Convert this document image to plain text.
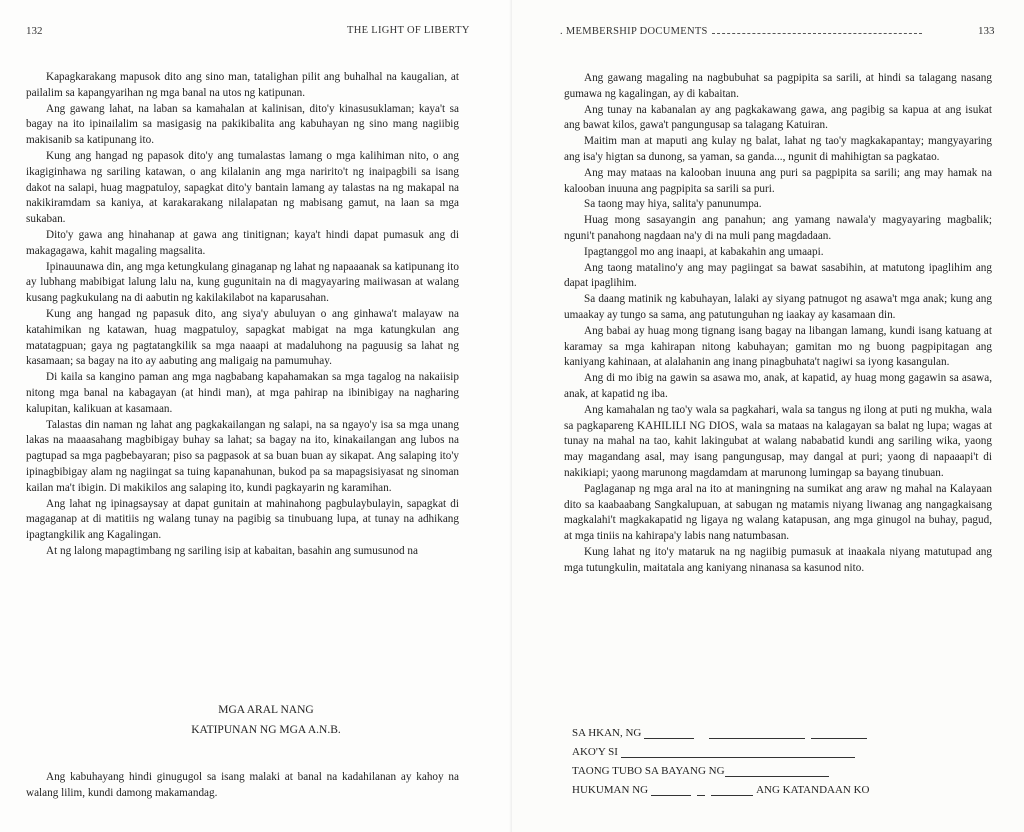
132	THE LIGHT OF LIBERTY

Kapagkarakang mapusok dito ang sino man, tatalighan pilit ang buhalhal na kaugalian, at pailalim sa kapangyarihan ng mga banal na utos ng katipunan.

Ang gawang lahat, na laban sa kamahalan at kalinisan, dito'y kinasusuklaman; kaya't sa bagay na ito ipinailalim sa masigasig na pakikibalita ang kabuhayan ng sino mang nagiibig makisanib sa katipunang ito.

Kung ang hangad ng papasok dito'y ang tumalastas lamang o mga kalihiman nito, o ang ikagiginhawa ng sariling katawan, o ang kilalanin ang mga naririto't ng inaipagbili sa isang dakot na salapi, huag magpatuloy, sapagkat dito'y bantain lamang ay talastas na ng makapal na nakikiramdam sa kaniya, at karakarakang nilalapatan ng mabisang gamut, na laan sa mga sukaban.

Dito'y gawa ang hinahanap at gawa ang tinitignan; kaya't hindi dapat pumasuk ang di makagagawa, kahit magaling magsalita.

Ipinauunawa din, ang mga ketungkulang ginaganap ng lahat ng napaaanak sa katipunang ito ay lubhang mabibigat lalung lalu na, kung gugunitain na di magyayaring maiiwasan at walang kusang pagkukulang na di aabutin ng kakilakilabot na kaparusahan.

Kung ang hangad ng papasuk dito, ang siya'y abuluyan o ang ginhawa't malayaw na katahimikan ng katawan, huag magpatuloy, sapagkat mabigat na mga katungkulan ang matatagpuan; gaya ng pagtatangkilik sa mga naaapi at madaluhong na paguusig sa lahat ng kasamaan; sa bagay na ito ay aabuting ang maligaig na pamumuhay.

Di kaila sa kangino paman ang mga nagbabang kapahamakan sa mga tagalog na nakaiisip nitong mga banal na kabagayan (at hindi man), at mga pahirap na ibinibigay na nagharing kalupitan, kalikuan at kasamaan.

Talastas din naman ng lahat ang pagkakailangan ng salapi, na sa ngayo'y isa sa mga unang lakas na maaasahang magbibigay buhay sa lahat; sa bagay na ito, kinakailangan ang lubos na pagtupad sa mga pagbebayaran; piso sa pagpasok at sa buan buan ay sikapat. Ang salaping ito'y ipinagbibigay alam ng nagiingat sa tuing kapanahunan, bukod pa sa mapagsisiyasat ng sinoman kailan ma't ibigin. Di makikilos ang salaping ito, kundi pagkayarin ng karamihan.

Ang lahat ng ipinagsaysay at dapat gunitain at mahinahong pagbulaybulayin, sapagkat di magaganap at di matitiis ng walang tunay na pagibig sa tinubuang lupa, at tunay na adhikang ipagtangkilik ang Kagalingan.

At ng lalong mapagtimbang ng sariling isip at kabaitan, basahin ang sumusunod na

MGA ARAL NANG
KATIPUNAN NG MGA A.N.B.

Ang kabuhayang hindi ginugugol sa isang malaki at banal na kadahilanan ay kahoy na walang lilim, kundi damong makamandag.

. MEMBERSHIP DOCUMENTS	133

Ang gawang magaling na nagbubuhat sa pagpipita sa sarili, at hindi sa talagang nasang gumawa ng kagalingan, ay di kabaitan.

Ang tunay na kabanalan ay ang pagkakawang gawa, ang pagibig sa kapua at ang isukat ang bawat kilos, gawa't pangungusap sa talagang Katuiran.

Maitim man at maputi ang kulay ng balat, lahat ng tao'y magkakapantay; mangyayaring ang isa'y higtan sa dunong, sa yaman, sa ganda..., ngunit di mahihigtan sa pagkatao.

Ang may mataas na kalooban inuuna ang puri sa pagpipita sa sarili; ang may hamak na kalooban inuuna ang pagpipita sa sarili sa puri.

Sa taong may hiya, salita'y panunumpa.

Huag mong sasayangin ang panahun; ang yamang nawala'y magyayaring magbalik; nguni't panahong nagdaan na'y di na muli pang magdadaan.

Ipagtanggol mo ang inaapi, at kabakahin ang umaapi.

Ang taong matalino'y ang may pagiingat sa bawat sasabihin, at matutong ipaglihim ang dapat ipaglihim.

Sa daang matinik ng kabuhayan, lalaki ay siyang patnugot ng asawa't mga anak; kung ang umaakay ay tungo sa sama, ang patutunguhan ng iaakay ay kasamaan din.

Ang babai ay huag mong tignang isang bagay na libangan lamang, kundi isang katuang at karamay sa mga kahirapan nitong kabuhayan; gamitan mo ng buong pagpipitagan ang kaniyang kahinaan, at alalahanin ang inang pinagbuhata't nagiwi sa iyong kasangulan.

Ang di mo ibig na gawin sa asawa mo, anak, at kapatid, ay huag mong gagawin sa asawa, anak, at kapatid ng iba.

Ang kamahalan ng tao'y wala sa pagkahari, wala sa tangus ng ilong at puti ng mukha, wala sa pagkapareng KAHILILI NG DIOS, wala sa mataas na kalagayan sa balat ng lupa; wagas at tunay na mahal na tao, kahit lakingubat at walang nababatid kundi ang sariling wika, yaong may magandang asal, may isang pangungusap, may dangal at puri; yaong di napaaapi't di nakikiapi; yaong marunong magdamdam at marunong lumingap sa bayang tinubuan.

Paglaganap ng mga aral na ito at maningning na sumikat ang araw ng mahal na Kalayaan dito sa kaabaabang Sangkalupuan, at sabugan ng matamis niyang liwanag ang nangagkaisang magkalahi't magkakapatid ng ligaya ng walang katapusan, ang mga ginugol na buhay, pagud, at mga tiniis na kahirapa'y labis nang natumbasan.

Kung lahat ng ito'y mataruk na ng nagiibig pumasuk at inaakala niyang matutupad ang mga tutungkulin, maitatala ang kaniyang ninanasa sa kasunod nito.

SA HKAN, NG
AKO'Y SI
TAONG TUBO SA BAYANG NG
HUKUMAN NG	ANG KATANDAAN KO
